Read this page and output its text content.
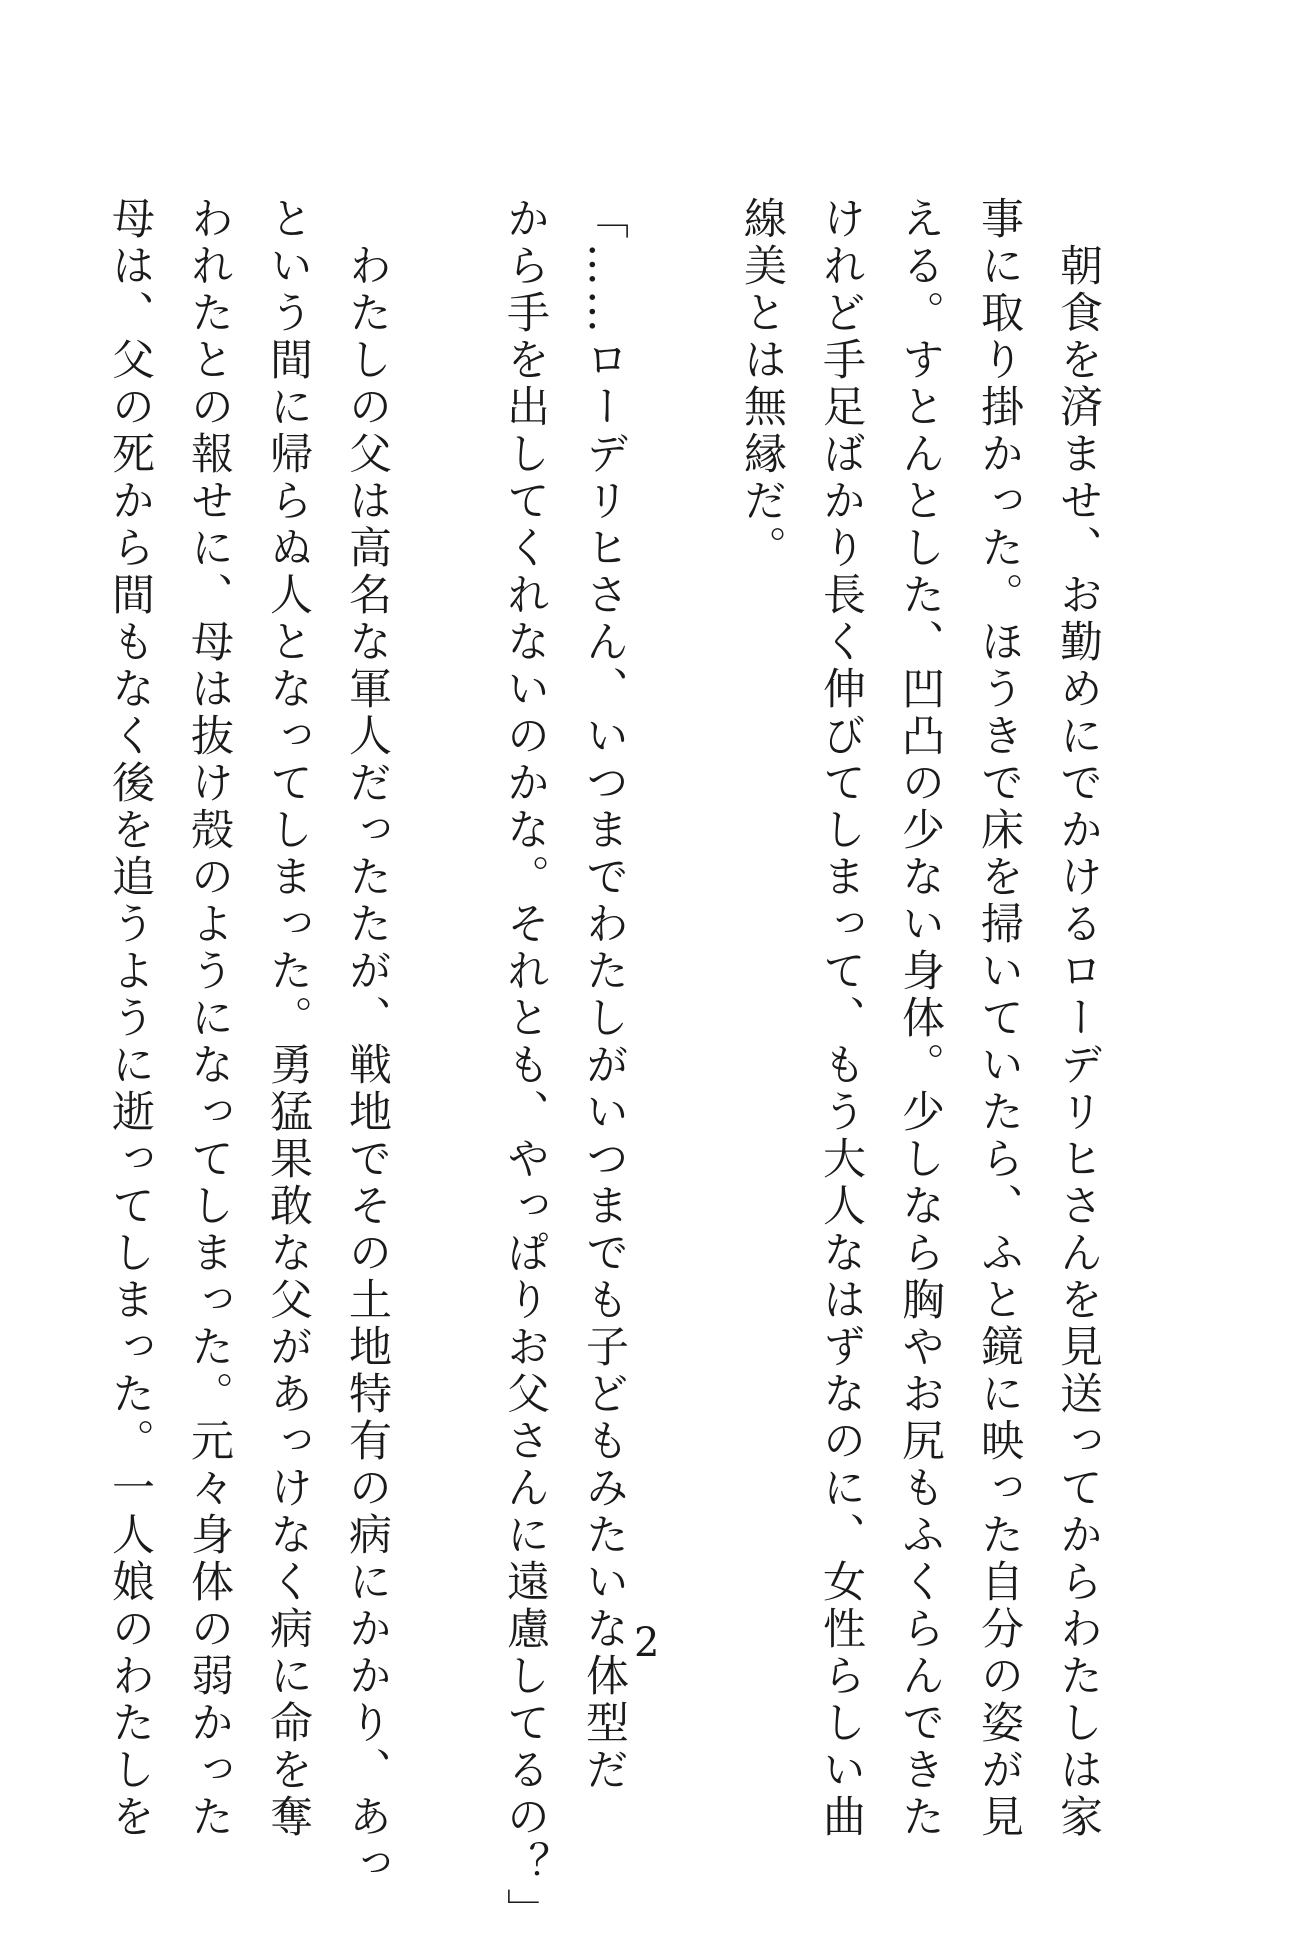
　朝食を済ませ、お勤めにでかけるローデリヒさんを見送ってからわたしは家
事に取り掛かった。ほうきで床を掃いていたら、ふと鏡に映った自分の姿が見
える。すとんとした、凹凸の少ない身体。少しなら胸やお尻もふくらんできた
けれど手足ばかり長く伸びてしまって、もう大人なはずなのに、女性らしい曲
線美とは無縁だ。
「……ローデリヒさん、いつまでわたしがいつまでも子どもみたいな体型だ
から手を出してくれないのかな。それとも、やっぱりお父さんに遠慮してるの？」
　わたしの父は高名な軍人だったたが、戦地でその土地特有の病にかかり、あっ
という間に帰らぬ人となってしまった。勇猛果敢な父があっけなく病に命を奪
われたとの報せに、母は抜け殻のようになってしまった。元々身体の弱かった
母は、父の死から間もなく後を追うように逝ってしまった。一人娘のわたしを	2
